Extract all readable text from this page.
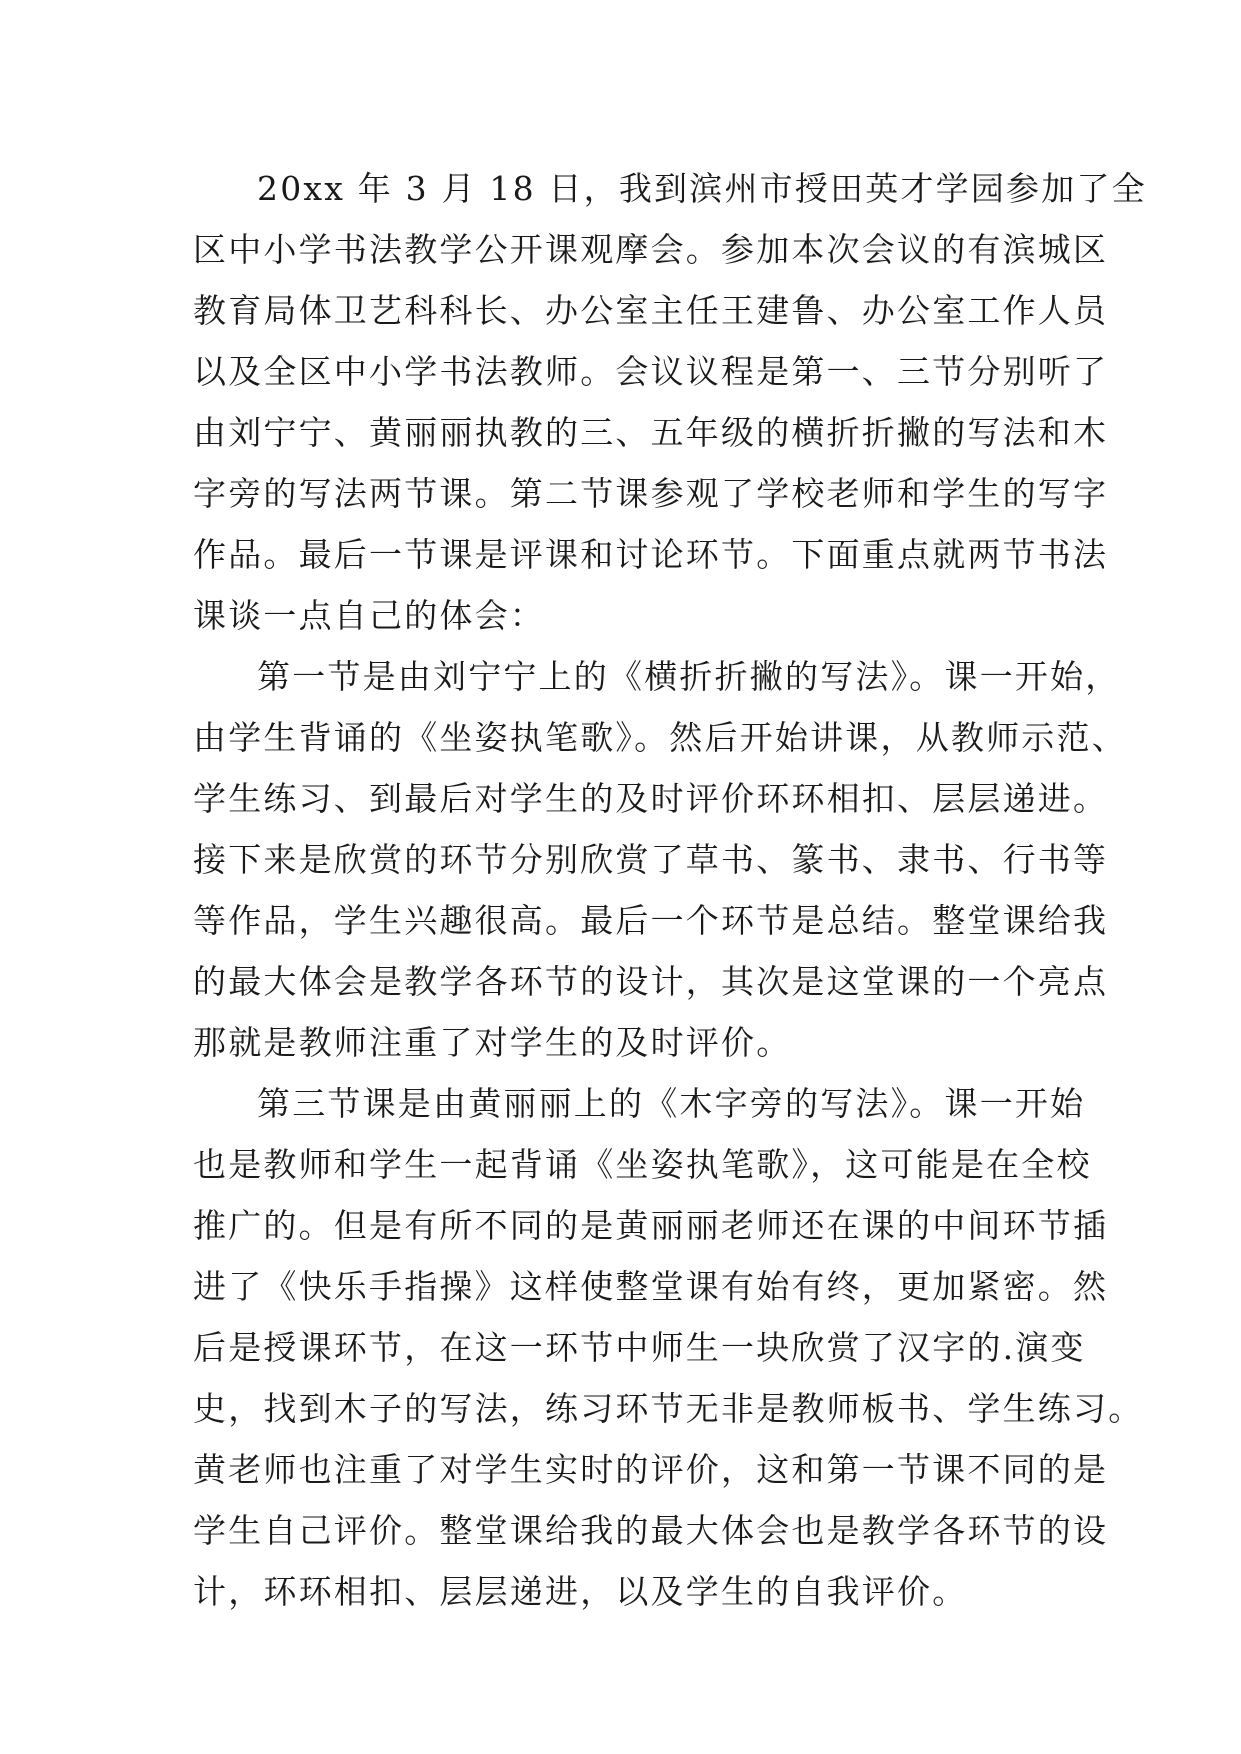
20xx 年 3 月 18 日，我到滨州市授田英才学园参加了全
区中小学书法教学公开课观摩会。参加本次会议的有滨城区
教育局体卫艺科科长、办公室主任王建鲁、办公室工作人员
以及全区中小学书法教师。会议议程是第一、三节分别听了
由刘宁宁、黄丽丽执教的三、五年级的横折折撇的写法和木
字旁的写法两节课。第二节课参观了学校老师和学生的写字
作品。最后一节课是评课和讨论环节。下面重点就两节书法
课谈一点自己的体会：
第一节是由刘宁宁上的《横折折撇的写法》。课一开始，
由学生背诵的《坐姿执笔歌》。然后开始讲课，从教师示范、
学生练习、到最后对学生的及时评价环环相扣、层层递进。
接下来是欣赏的环节分别欣赏了草书、篆书、隶书、行书等
等作品，学生兴趣很高。最后一个环节是总结。整堂课给我
的最大体会是教学各环节的设计，其次是这堂课的一个亮点
那就是教师注重了对学生的及时评价。
第三节课是由黄丽丽上的《木字旁的写法》。课一开始
也是教师和学生一起背诵《坐姿执笔歌》，这可能是在全校
推广的。但是有所不同的是黄丽丽老师还在课的中间环节插
进了《快乐手指操》这样使整堂课有始有终，更加紧密。然
后是授课环节，在这一环节中师生一块欣赏了汉字的.演变
史，找到木子的写法，练习环节无非是教师板书、学生练习。
黄老师也注重了对学生实时的评价，这和第一节课不同的是
学生自己评价。整堂课给我的最大体会也是教学各环节的设
计，环环相扣、层层递进，以及学生的自我评价。
